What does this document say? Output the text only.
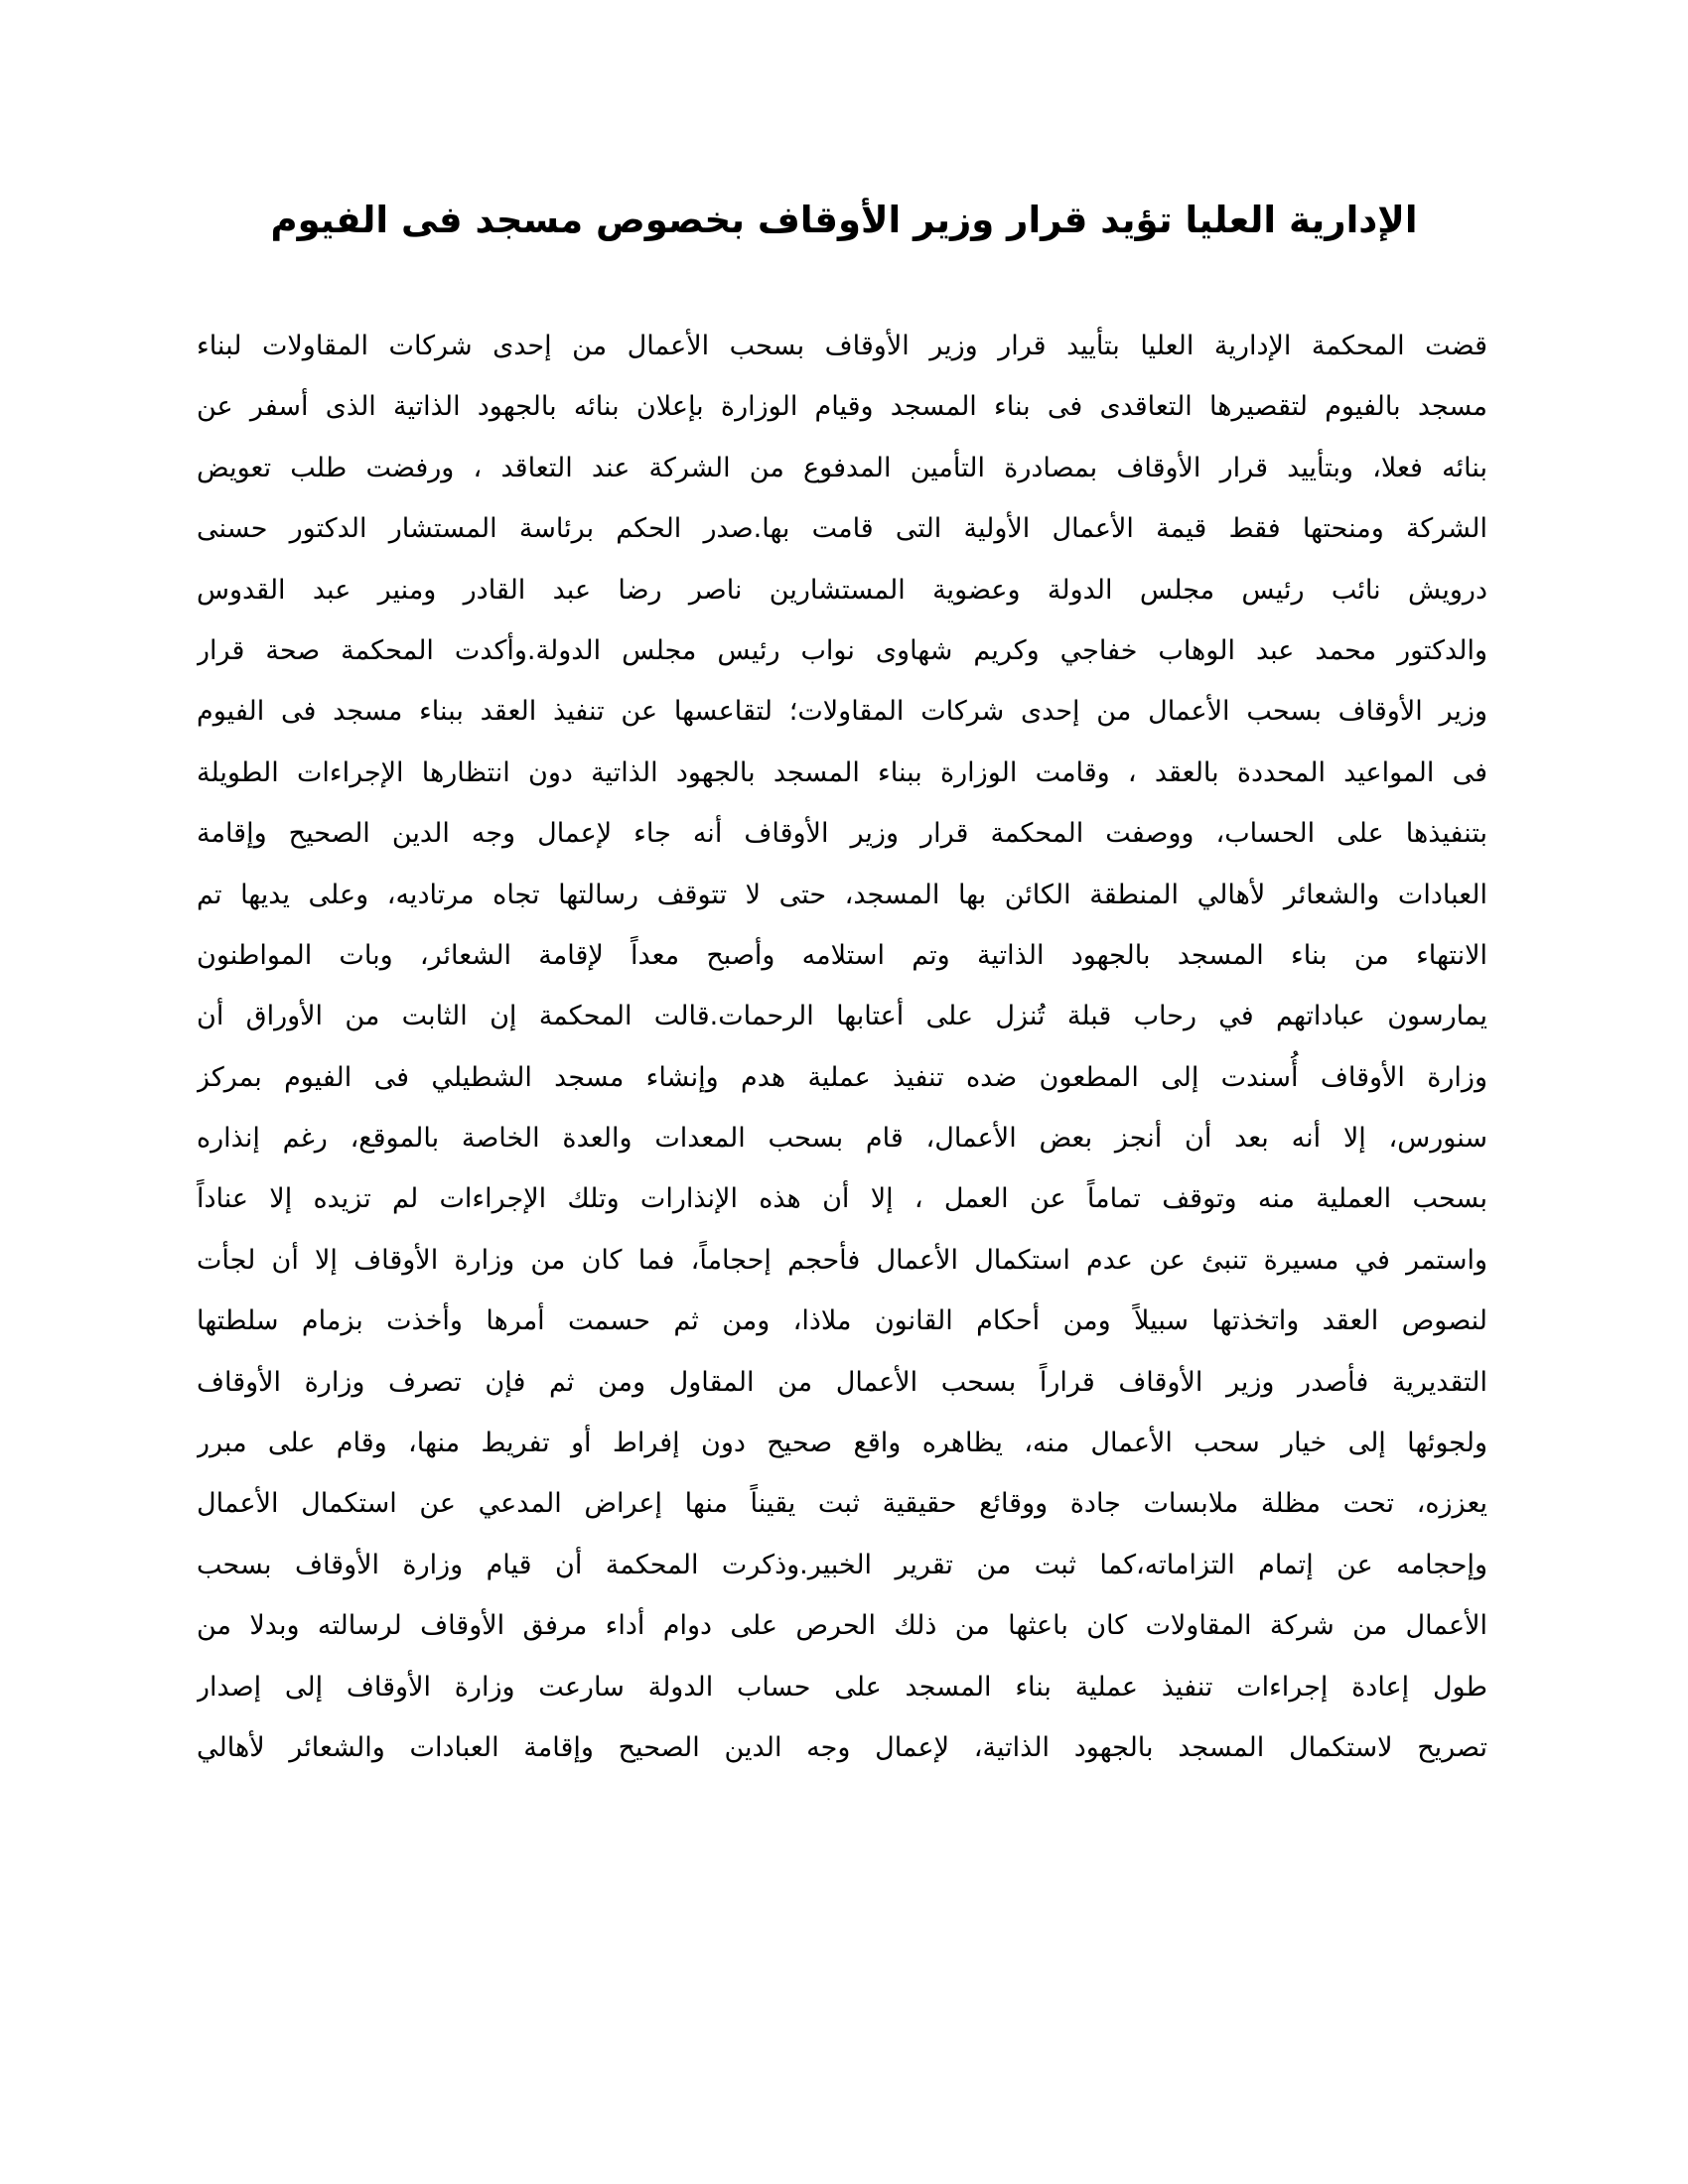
الإدارية العليا تؤيد قرار وزير الأوقاف بخصوص مسجد فى الفيوم
قضت المحكمة الإدارية العليا بتأييد قرار وزير الأوقاف بسحب الأعمال من إحدى شركات المقاولات لبناء
مسجد بالفيوم لتقصيرها التعاقدى فى بناء المسجد وقيام الوزارة بإعلان بنائه بالجهود الذاتية الذى أسفر عن
بنائه فعلا، وبتأييد قرار الأوقاف بمصادرة التأمين المدفوع من الشركة عند التعاقد ، ورفضت طلب تعويض
الشركة ومنحتها فقط قيمة الأعمال الأولية التى قامت بها.صدر الحكم برئاسة المستشار الدكتور حسنى
درويش نائب رئيس مجلس الدولة وعضوية المستشارين ناصر رضا عبد القادر ومنير عبد القدوس
والدكتور محمد عبد الوهاب خفاجي وكريم شهاوى نواب رئيس مجلس الدولة.وأكدت المحكمة صحة قرار
وزير الأوقاف بسحب الأعمال من إحدى شركات المقاولات؛ لتقاعسها عن تنفيذ العقد ببناء مسجد فى الفيوم
فى المواعيد المحددة بالعقد ، وقامت الوزارة ببناء المسجد بالجهود الذاتية دون انتظارها الإجراءات الطويلة
بتنفيذها على الحساب، ووصفت المحكمة قرار وزير الأوقاف أنه جاء لإعمال وجه الدين الصحيح وإقامة
العبادات والشعائر لأهالي المنطقة الكائن بها المسجد، حتى لا تتوقف رسالتها تجاه مرتاديه، وعلى يديها تم
الانتهاء من بناء المسجد بالجهود الذاتية وتم استلامه وأصبح معداً لإقامة الشعائر، وبات المواطنون
يمارسون عباداتهم في رحاب قبلة تُنزل على أعتابها الرحمات.قالت المحكمة إن الثابت من الأوراق أن
وزارة الأوقاف أُسندت إلى المطعون ضده تنفيذ عملية هدم وإنشاء مسجد الشطيلي فى الفيوم بمركز
سنورس، إلا أنه بعد أن أنجز بعض الأعمال، قام بسحب المعدات والعدة الخاصة بالموقع، رغم إنذاره
بسحب العملية منه وتوقف تماماً عن العمل ، إلا أن هذه الإنذارات وتلك الإجراءات لم تزيده إلا عناداً
واستمر في مسيرة تنبئ عن عدم استكمال الأعمال فأحجم إحجاماً، فما كان من وزارة الأوقاف إلا أن لجأت
لنصوص العقد واتخذتها سبيلاً ومن أحكام القانون ملاذا، ومن ثم حسمت أمرها وأخذت بزمام سلطتها
التقديرية فأصدر وزير الأوقاف قراراً بسحب الأعمال من المقاول ومن ثم فإن تصرف وزارة الأوقاف
ولجوئها إلى خيار سحب الأعمال منه، يظاهره واقع صحيح دون إفراط أو تفريط منها، وقام على مبرر
يعززه، تحت مظلة ملابسات جادة ووقائع حقيقية ثبت يقيناً منها إعراض المدعي عن استكمال الأعمال
وإحجامه عن إتمام التزاماته،كما ثبت من تقرير الخبير.وذكرت المحكمة أن قيام وزارة الأوقاف بسحب
الأعمال من شركة المقاولات كان باعثها من ذلك الحرص على دوام أداء مرفق الأوقاف لرسالته وبدلا من
طول إعادة إجراءات تنفيذ عملية بناء المسجد على حساب الدولة سارعت وزارة الأوقاف إلى إصدار
تصريح لاستكمال المسجد بالجهود الذاتية، لإعمال وجه الدين الصحيح وإقامة العبادات والشعائر لأهالي
